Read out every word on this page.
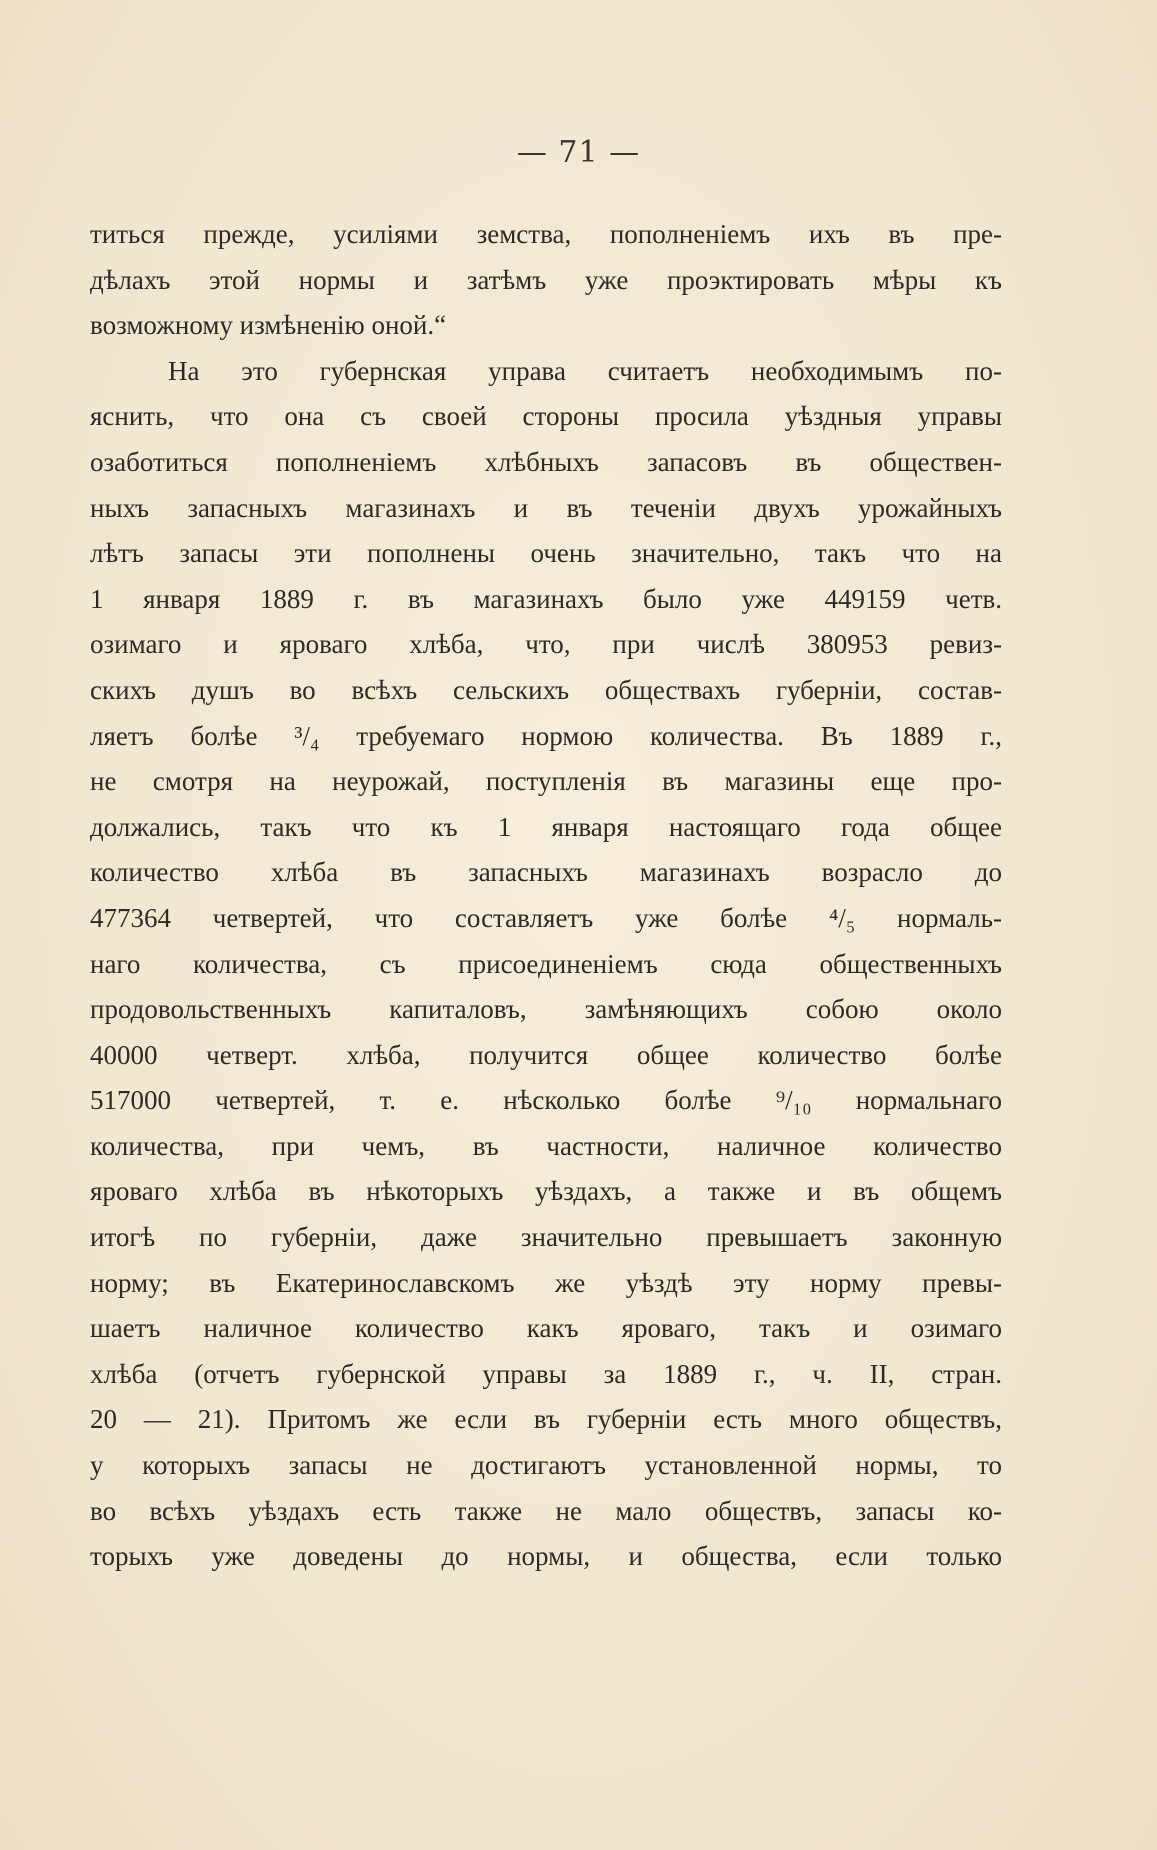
— 71 —
титься прежде, усиліями земства, пополненіемъ ихъ въ пре-
дѣлахъ этой нормы и затѣмъ уже проэктировать мѣры къ
возможному измѣненію оной.“
На это губернская управа считаетъ необходимымъ по-
яснить, что она съ своей стороны просила уѣздныя управы
озаботиться пополненіемъ хлѣбныхъ запасовъ въ обществен-
ныхъ запасныхъ магазинахъ и въ теченіи двухъ урожайныхъ
лѣтъ запасы эти пополнены очень значительно, такъ что на
1 января 1889 г. въ магазинахъ было уже 449159 четв.
озимаго и яроваго хлѣба, что, при числѣ 380953 ревиз-
скихъ душъ во всѣхъ сельскихъ обществахъ губерніи, состав-
ляетъ болѣе ³/₄ требуемаго нормою количества. Въ 1889 г.,
не смотря на неурожай, поступленія въ магазины еще про-
должались, такъ что къ 1 января настоящаго года общее
количество хлѣба въ запасныхъ магазинахъ возрасло до
477364 четвертей, что составляетъ уже болѣе ⁴/₅ нормаль-
наго количества, съ присоединеніемъ сюда общественныхъ
продовольственныхъ капиталовъ, замѣняющихъ собою около
40000 четверт. хлѣба, получится общее количество болѣе
517000 четвертей, т. е. нѣсколько болѣе ⁹/₁₀ нормальнаго
количества, при чемъ, въ частности, наличное количество
яроваго хлѣба въ нѣкоторыхъ уѣздахъ, а также и въ общемъ
итогѣ по губерніи, даже значительно превышаетъ законную
норму; въ Екатеринославскомъ же уѣздѣ эту норму превы-
шаетъ наличное количество какъ яроваго, такъ и озимаго
хлѣба (отчетъ губернской управы за 1889 г., ч. II, стран.
20 — 21). Притомъ же если въ губерніи есть много обществъ,
у которыхъ запасы не достигаютъ установленной нормы, то
во всѣхъ уѣздахъ есть также не мало обществъ, запасы ко-
торыхъ уже доведены до нормы, и общества, если только
